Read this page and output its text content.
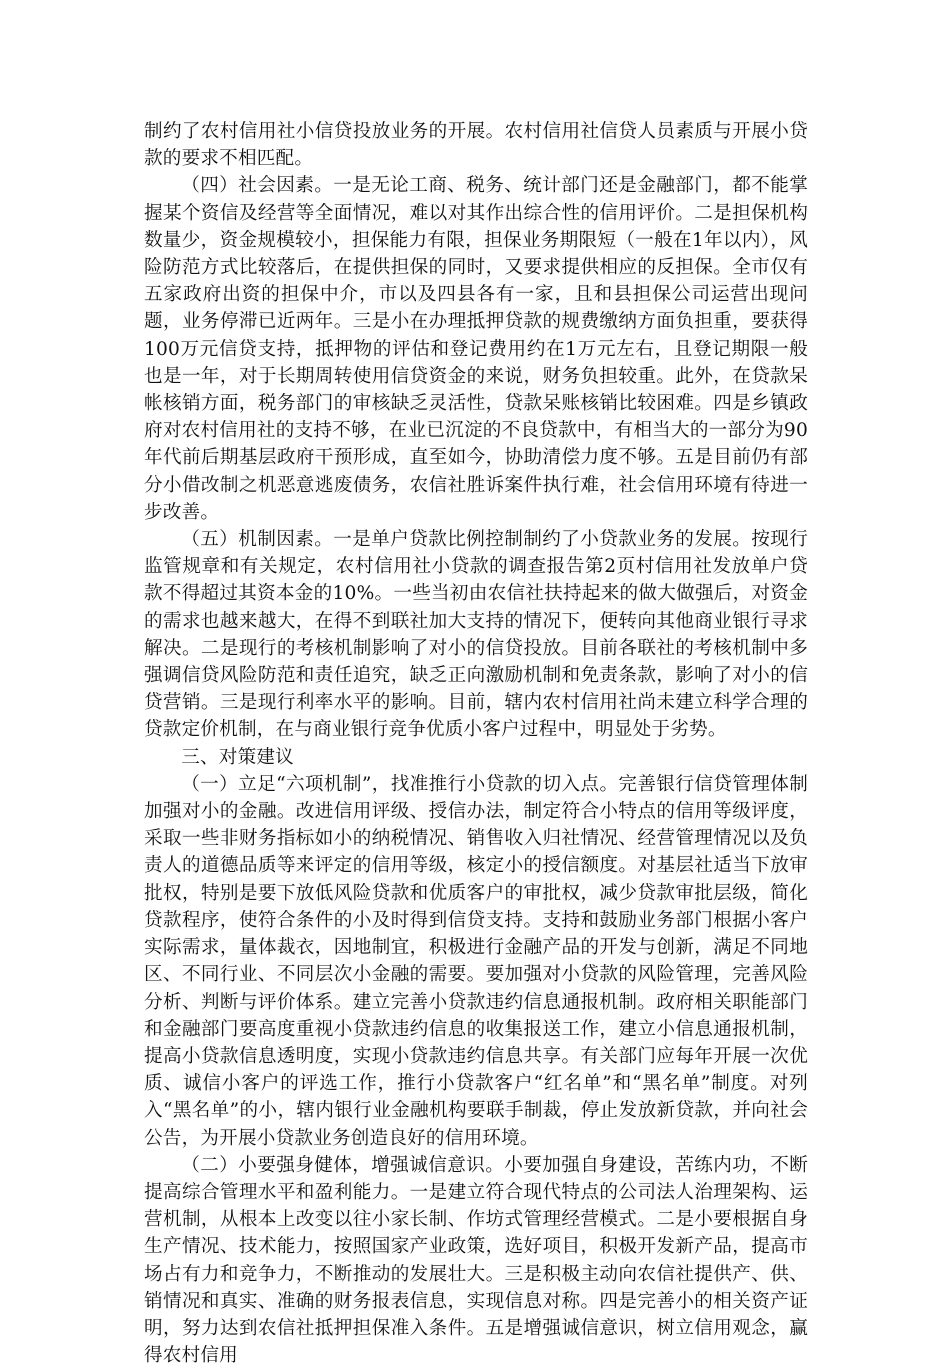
制约了农村信用社小信贷投放业务的开展。农村信用社信贷人员素质与开展小贷款的要求不相匹配。

（四）社会因素。一是无论工商、税务、统计部门还是金融部门，都不能掌握某个资信及经营等全面情况，难以对其作出综合性的信用评价。二是担保机构数量少，资金规模较小，担保能力有限，担保业务期限短（一般在1年以内），风险防范方式比较落后，在提供担保的同时，又要求提供相应的反担保。全市仅有五家政府出资的担保中介，市以及四县各有一家，且和县担保公司运营出现问题，业务停滞已近两年。三是小在办理抵押贷款的规费缴纳方面负担重，要获得100万元信贷支持，抵押物的评估和登记费用约在1万元左右，且登记期限一般也是一年，对于长期周转使用信贷资金的来说，财务负担较重。此外，在贷款呆帐核销方面，税务部门的审核缺乏灵活性，贷款呆账核销比较困难。四是乡镇政府对农村信用社的支持不够，在业已沉淀的不良贷款中，有相当大的一部分为90年代前后期基层政府干预形成，直至如今，协助清偿力度不够。五是目前仍有部分小借改制之机恶意逃废债务，农信社胜诉案件执行难，社会信用环境有待进一步改善。

（五）机制因素。一是单户贷款比例控制制约了小贷款业务的发展。按现行监管规章和有关规定，农村信用社小贷款的调查报告第2页村信用社发放单户贷款不得超过其资本金的10%。一些当初由农信社扶持起来的做大做强后，对资金的需求也越来越大，在得不到联社加大支持的情况下，便转向其他商业银行寻求解决。二是现行的考核机制影响了对小的信贷投放。目前各联社的考核机制中多强调信贷风险防范和责任追究，缺乏正向激励机制和免责条款，影响了对小的信贷营销。三是现行利率水平的影响。目前，辖内农村信用社尚未建立科学合理的贷款定价机制，在与商业银行竞争优质小客户过程中，明显处于劣势。

三、对策建议

（一）立足“六项机制”，找准推行小贷款的切入点。完善银行信贷管理体制加强对小的金融。改进信用评级、授信办法，制定符合小特点的信用等级评度，采取一些非财务指标如小的纳税情况、销售收入归社情况、经营管理情况以及负责人的道德品质等来评定的信用等级，核定小的授信额度。对基层社适当下放审批权，特别是要下放低风险贷款和优质客户的审批权，减少贷款审批层级，简化贷款程序，使符合条件的小及时得到信贷支持。支持和鼓励业务部门根据小客户实际需求，量体裁衣，因地制宜，积极进行金融产品的开发与创新，满足不同地区、不同行业、不同层次小金融的需要。要加强对小贷款的风险管理，完善风险分析、判断与评价体系。建立完善小贷款违约信息通报机制。政府相关职能部门和金融部门要高度重视小贷款违约信息的收集报送工作，建立小信息通报机制，提高小贷款信息透明度，实现小贷款违约信息共享。有关部门应每年开展一次优质、诚信小客户的评选工作，推行小贷款客户“红名单”和“黑名单”制度。对列入“黑名单”的小，辖内银行业金融机构要联手制裁，停止发放新贷款，并向社会公告，为开展小贷款业务创造良好的信用环境。

（二）小要强身健体，增强诚信意识。小要加强自身建设，苦练内功，不断提高综合管理水平和盈利能力。一是建立符合现代特点的公司法人治理架构、运营机制，从根本上改变以往小家长制、作坊式管理经营模式。二是小要根据自身生产情况、技术能力，按照国家产业政策，选好项目，积极开发新产品，提高市场占有力和竞争力，不断推动的发展壮大。三是积极主动向农信社提供产、供、销情况和真实、准确的财务报表信息，实现信息对称。四是完善小的相关资产证明，努力达到农信社抵押担保准入条件。五是增强诚信意识，树立信用观念，赢得农村信用
